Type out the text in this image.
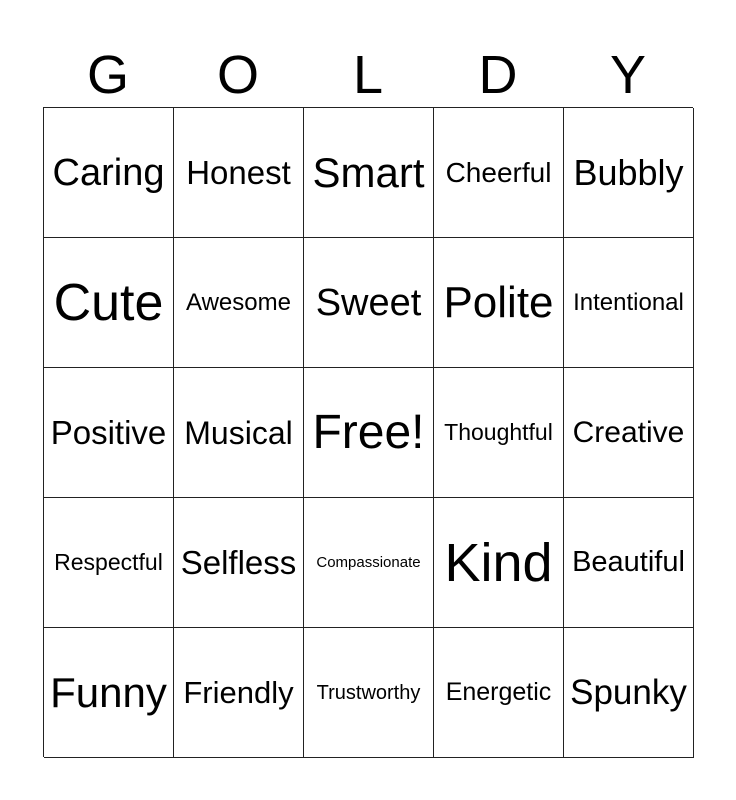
G	O	L	D	Y
Caring Honest Smart Cheerful Bubbly
Cute Awesome Sweet Polite Intentional
Positive Musical Free! Thoughtful Creative
Respectful Selfless	Compassionate Kind Beautiful
Funny Friendly	Trustworthy	Energetic Spunky
